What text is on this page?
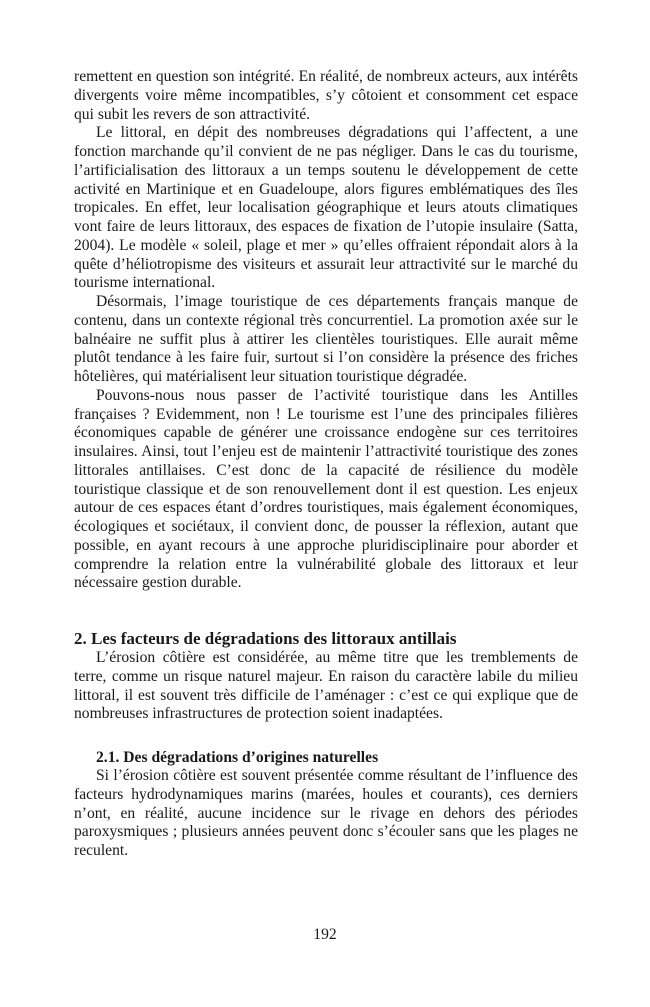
remettent en question son intégrité. En réalité, de nombreux acteurs, aux intérêts divergents voire même incompatibles, s’y côtoient et consomment cet espace qui subit les revers de son attractivité.

Le littoral, en dépit des nombreuses dégradations qui l’affectent, a une fonction marchande qu’il convient de ne pas négliger. Dans le cas du tourisme, l’artificialisation des littoraux a un temps soutenu le développement de cette activité en Martinique et en Guadeloupe, alors figures emblématiques des îles tropicales. En effet, leur localisation géographique et leurs atouts climatiques vont faire de leurs littoraux, des espaces de fixation de l’utopie insulaire (Satta, 2004). Le modèle « soleil, plage et mer » qu’elles offraient répondait alors à la quête d’héliotropisme des visiteurs et assurait leur attractivité sur le marché du tourisme international.

Désormais, l’image touristique de ces départements français manque de contenu, dans un contexte régional très concurrentiel. La promotion axée sur le balnéaire ne suffit plus à attirer les clientèles touristiques. Elle aurait même plutôt tendance à les faire fuir, surtout si l’on considère la présence des friches hôtelières, qui matérialisent leur situation touristique dégradée.

Pouvons-nous nous passer de l’activité touristique dans les Antilles françaises ? Evidemment, non ! Le tourisme est l’une des principales filières économiques capable de générer une croissance endogène sur ces territoires insulaires. Ainsi, tout l’enjeu est de maintenir l’attractivité touristique des zones littorales antillaises. C’est donc de la capacité de résilience du modèle touristique classique et de son renouvellement dont il est question. Les enjeux autour de ces espaces étant d’ordres touristiques, mais également économiques, écologiques et sociétaux, il convient donc, de pousser la réflexion, autant que possible, en ayant recours à une approche pluridisciplinaire pour aborder et comprendre la relation entre la vulnérabilité globale des littoraux et leur nécessaire gestion durable.

2. Les facteurs de dégradations des littoraux antillais

L’érosion côtière est considérée, au même titre que les tremblements de terre, comme un risque naturel majeur. En raison du caractère labile du milieu littoral, il est souvent très difficile de l’aménager : c’est ce qui explique que de nombreuses infrastructures de protection soient inadaptées.

2.1. Des dégradations d’origines naturelles

Si l’érosion côtière est souvent présentée comme résultant de l’influence des facteurs hydrodynamiques marins (marées, houles et courants), ces derniers n’ont, en réalité, aucune incidence sur le rivage en dehors des périodes paroxysmiques ; plusieurs années peuvent donc s’écouler sans que les plages ne reculent.

192
